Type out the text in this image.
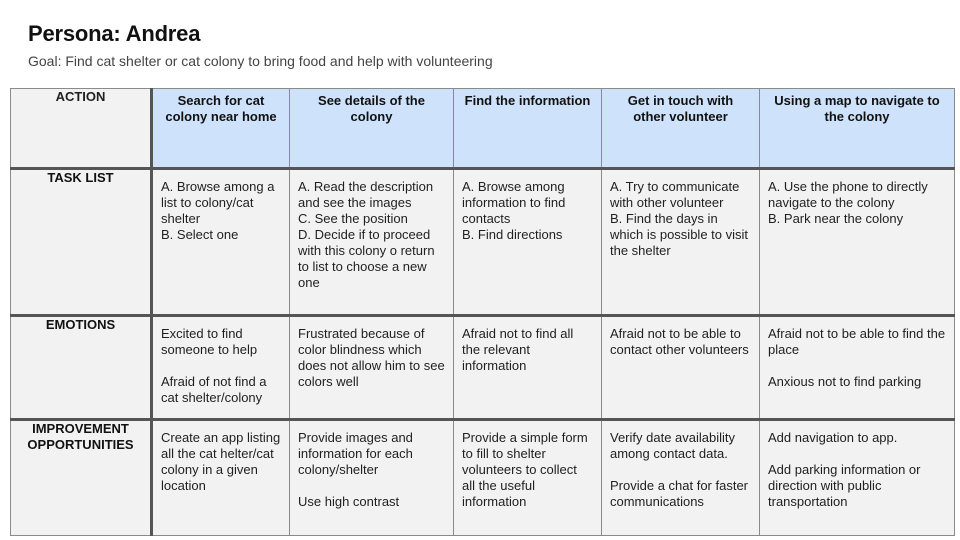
Persona: Andrea
Goal: Find cat shelter or cat colony to bring food and help with volunteering
ACTION	Search for cat colony near home	See details of the colony	Find the information	Get in touch with other volunteer	Using a map to navigate to the colony

TASK LIST	A. Browse among a list to colony/cat shelter
B. Select one	A. Read the description and see the images
C. See the position
D. Decide if to proceed with this colony o return to list to choose a new one	A. Browse among information to find contacts
B. Find directions	A. Try to communicate with other volunteer
B. Find the days in which is possible to visit the shelter	A. Use the phone to directly navigate to the colony
B. Park near the colony

EMOTIONS	Excited to find someone to help
Afraid of not find a cat shelter/colony	Frustrated because of color blindness which does not allow him to see colors well	Afraid not to find all the relevant information	Afraid not to be able to contact other volunteers	Afraid not to be able to find the place
Anxious not to find parking

IMPROVEMENT OPPORTUNITIES	Create an app listing all the cat helter/cat colony in a given location	Provide images and information for each colony/shelter
Use high contrast	Provide a simple form to fill to shelter volunteers to collect all the useful information	Verify date availability among contact data.
Provide a chat for faster communications	Add navigation to app.
Add parking information or direction with public transportation
